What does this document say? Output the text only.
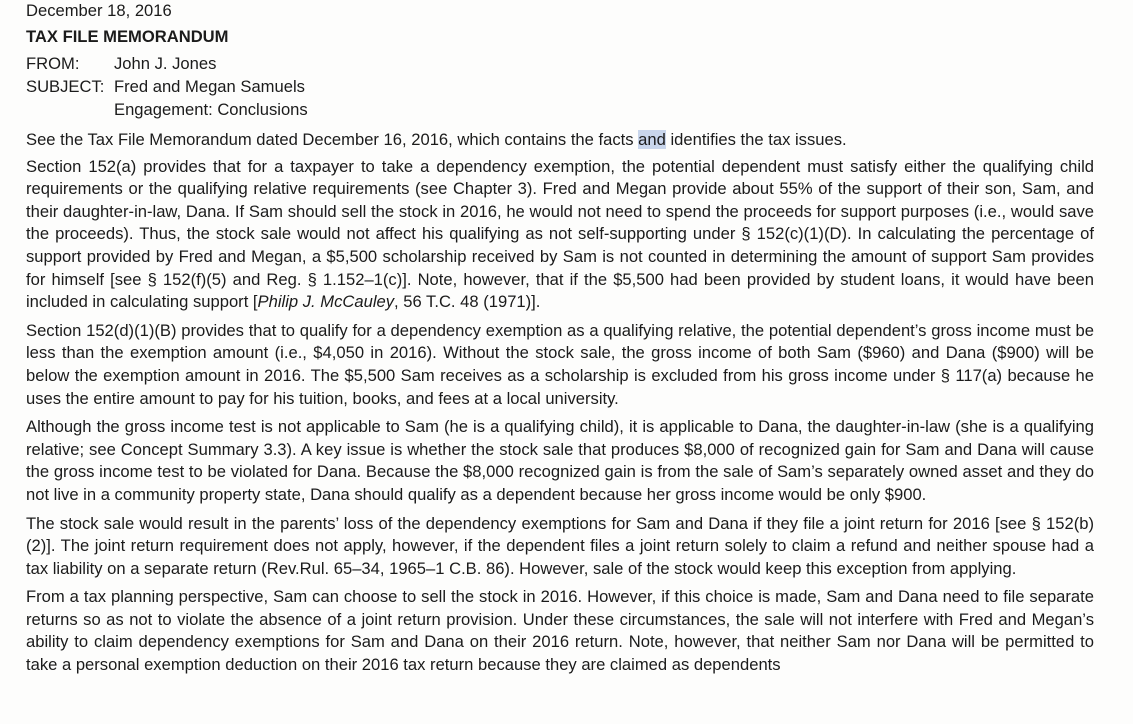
December 18, 2016
TAX FILE MEMORANDUM
FROM:	John J. Jones
SUBJECT: Fred and Megan Samuels
Engagement: Conclusions

See the Tax File Memorandum dated December 16, 2016, which contains the facts and identifies the tax issues.

Section 152(a) provides that for a taxpayer to take a dependency exemption, the potential dependent must satisfy either the qualifying child requirements or the qualifying relative requirements (see Chapter 3). Fred and Megan provide about 55% of the support of their son, Sam, and their daughter-in-law, Dana. If Sam should sell the stock in 2016, he would not need to spend the proceeds for support purposes (i.e., would save the proceeds). Thus, the stock sale would not affect his qualifying as not self-supporting under § 152(c)(1)(D). In calculating the percentage of support provided by Fred and Megan, a $5,500 scholarship received by Sam is not counted in determining the amount of support Sam provides for himself [see § 152(f)(5) and Reg. § 1.152–1(c)]. Note, however, that if the $5,500 had been provided by student loans, it would have been included in calculating support [Philip J. McCauley, 56 T.C. 48 (1971)].

Section 152(d)(1)(B) provides that to qualify for a dependency exemption as a qualifying relative, the potential dependent’s gross income must be less than the exemption amount (i.e., $4,050 in 2016). Without the stock sale, the gross income of both Sam ($960) and Dana ($900) will be below the exemption amount in 2016. The $5,500 Sam receives as a scholarship is excluded from his gross income under § 117(a) because he uses the entire amount to pay for his tuition, books, and fees at a local university.

Although the gross income test is not applicable to Sam (he is a qualifying child), it is applicable to Dana, the daughter-in-law (she is a qualifying relative; see Concept Summary 3.3). A key issue is whether the stock sale that produces $8,000 of recognized gain for Sam and Dana will cause the gross income test to be violated for Dana. Because the $8,000 recognized gain is from the sale of Sam’s separately owned asset and they do not live in a community property state, Dana should qualify as a dependent because her gross income would be only $900.

The stock sale would result in the parents’ loss of the dependency exemptions for Sam and Dana if they file a joint return for 2016 [see § 152(b)(2)]. The joint return requirement does not apply, however, if the dependent files a joint return solely to claim a refund and neither spouse had a tax liability on a separate return (Rev.Rul. 65–34, 1965–1 C.B. 86). However, sale of the stock would keep this exception from applying.

From a tax planning perspective, Sam can choose to sell the stock in 2016. However, if this choice is made, Sam and Dana need to file separate returns so as not to violate the absence of a joint return provision. Under these circumstances, the sale will not interfere with Fred and Megan’s ability to claim dependency exemptions for Sam and Dana on their 2016 return. Note, however, that neither Sam nor Dana will be permitted to take a personal exemption deduction on their 2016 tax return because they are claimed as dependents
